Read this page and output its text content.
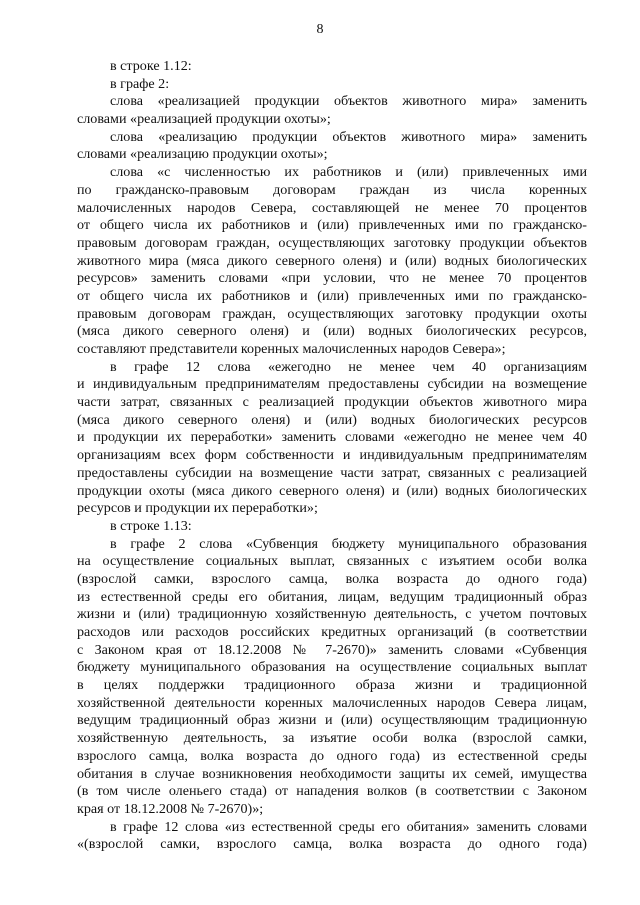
8
в строке 1.12:
в графе 2:
слова «реализацией продукции объектов животного мира» заменить
словами «реализацией продукции охоты»;
слова «реализацию продукции объектов животного мира» заменить
словами «реализацию продукции охоты»;
слова «с численностью их работников и (или) привлеченных ими
по гражданско-правовым договорам граждан из числа коренных
малочисленных народов Севера, составляющей не менее 70 процентов
от общего числа их работников и (или) привлеченных ими по гражданско-
правовым договорам граждан, осуществляющих заготовку продукции объектов
животного мира (мяса дикого северного оленя) и (или) водных биологических
ресурсов» заменить словами «при условии, что не менее 70 процентов
от общего числа их работников и (или) привлеченных ими по гражданско-
правовым договорам граждан, осуществляющих заготовку продукции охоты
(мяса дикого северного оленя) и (или) водных биологических ресурсов,
составляют представители коренных малочисленных народов Севера»;
в графе 12 слова «ежегодно не менее чем 40 организациям
и индивидуальным предпринимателям предоставлены субсидии на возмещение
части затрат, связанных с реализацией продукции объектов животного мира
(мяса дикого северного оленя) и (или) водных биологических ресурсов
и продукции их переработки» заменить словами «ежегодно не менее чем 40
организациям всех форм собственности и индивидуальным предпринимателям
предоставлены субсидии на возмещение части затрат, связанных с реализацией
продукции охоты (мяса дикого северного оленя) и (или) водных биологических
ресурсов и продукции их переработки»;
в строке 1.13:
в графе 2 слова «Субвенция бюджету муниципального образования
на осуществление социальных выплат, связанных с изъятием особи волка
(взрослой самки, взрослого самца, волка возраста до одного года)
из естественной среды его обитания, лицам, ведущим традиционный образ
жизни и (или) традиционную хозяйственную деятельность, с учетом почтовых
расходов или расходов российских кредитных организаций (в соответствии
с Законом края от 18.12.2008 № 7-2670)» заменить словами «Субвенция
бюджету муниципального образования на осуществление социальных выплат
в целях поддержки традиционного образа жизни и традиционной
хозяйственной деятельности коренных малочисленных народов Севера лицам,
ведущим традиционный образ жизни и (или) осуществляющим традиционную
хозяйственную деятельность, за изъятие особи волка (взрослой самки,
взрослого самца, волка возраста до одного года) из естественной среды
обитания в случае возникновения необходимости защиты их семей, имущества
(в том числе оленьего стада) от нападения волков (в соответствии с Законом
края от 18.12.2008 № 7-2670)»;
в графе 12 слова «из естественной среды его обитания» заменить словами
«(взрослой самки, взрослого самца, волка возраста до одного года)
